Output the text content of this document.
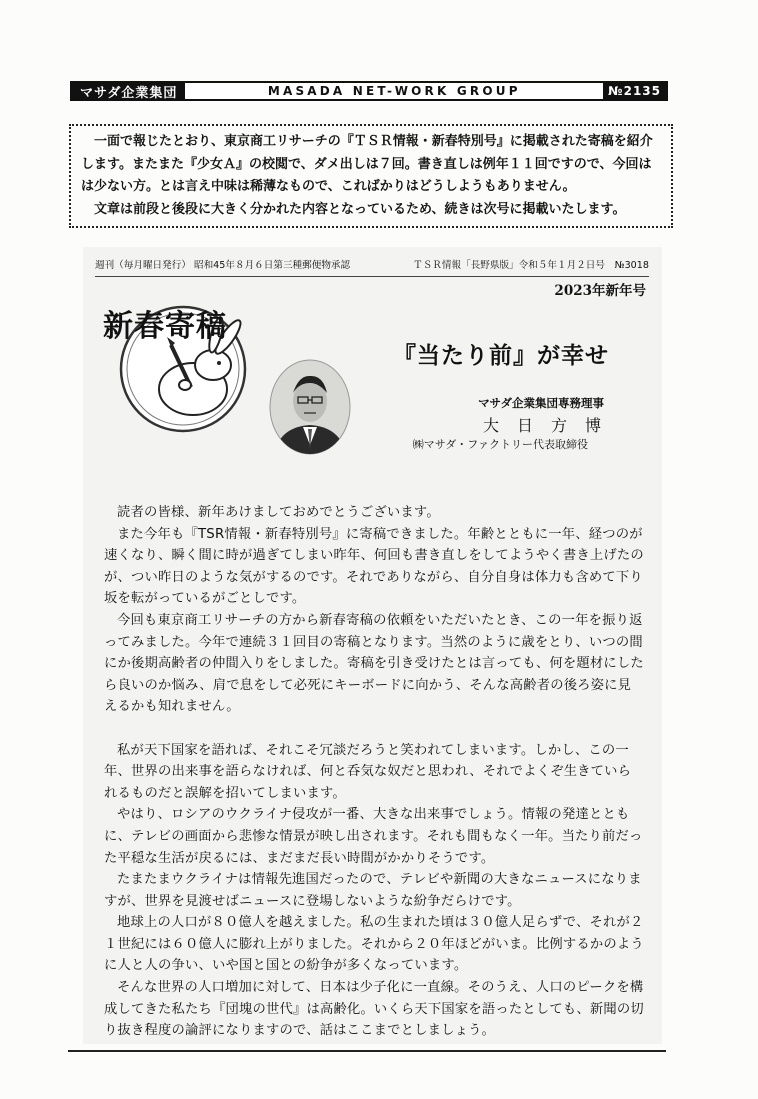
マサダ企業集団	MASADA NET-WORK GROUP	№2135

一面で報じたとおり、東京商工リサーチの『ＴＳＲ情報・新春特別号』に掲載された寄稿を紹介

します。またまた『少女Ａ』の校閲で、ダメ出しは７回。書き直しは例年１１回ですので、今回は

は少ない方。とは言え中味は稀薄なもので、こればかりはどうしようもありません。

文章は前段と後段に大きく分かれた内容となっているため、続きは次号に掲載いたします。

週刊（毎月曜日発行） 昭和45年８月６日第三種郵便物承認	ＴＳＲ情報「長野県版」令和５年１月２日号　№3018
2023年新年号
新春寄稿
『当たり前』が幸せ
マサダ企業集団専務理事
大日方博
㈱マサダ・ファクトリー代表取締役

読者の皆様、新年あけましておめでとうございます。

また今年も『TSR情報・新春特別号』に寄稿できました。年齢とともに一年、経つのが速くなり、瞬く間に時が過ぎてしまい昨年、何回も書き直しをしてようやく書き上げたのが、つい昨日のような気がするのです。それでありながら、自分自身は体力も含めて下り坂を転がっているがごとしです。

今回も東京商工リサーチの方から新春寄稿の依頼をいただいたとき、この一年を振り返ってみました。今年で連続３１回目の寄稿となります。当然のように歳をとり、いつの間にか後期高齢者の仲間入りをしました。寄稿を引き受けたとは言っても、何を題材にしたら良いのか悩み、肩で息をして必死にキーボードに向かう、そんな高齢者の後ろ姿に見えるかも知れません。

私が天下国家を語れば、それこそ冗談だろうと笑われてしまいます。しかし、この一年、世界の出来事を語らなければ、何と呑気な奴だと思われ、それでよくぞ生きていられるものだと誤解を招いてしまいます。

やはり、ロシアのウクライナ侵攻が一番、大きな出来事でしょう。情報の発達とともに、テレビの画面から悲惨な情景が映し出されます。それも間もなく一年。当たり前だった平穏な生活が戻るには、まだまだ長い時間がかかりそうです。

たまたまウクライナは情報先進国だったので、テレビや新聞の大きなニュースになりますが、世界を見渡せばニュースに登場しないような紛争だらけです。

地球上の人口が８０億人を越えました。私の生まれた頃は３０億人足らずで、それが２１世紀には６０億人に膨れ上がりました。それから２０年ほどがいま。比例するかのように人と人の争い、いや国と国との紛争が多くなっています。

そんな世界の人口増加に対して、日本は少子化に一直線。そのうえ、人口のピークを構成してきた私たち『団塊の世代』は高齢化。いくら天下国家を語ったとしても、新聞の切り抜き程度の論評になりますので、話はここまでとしましょう。
